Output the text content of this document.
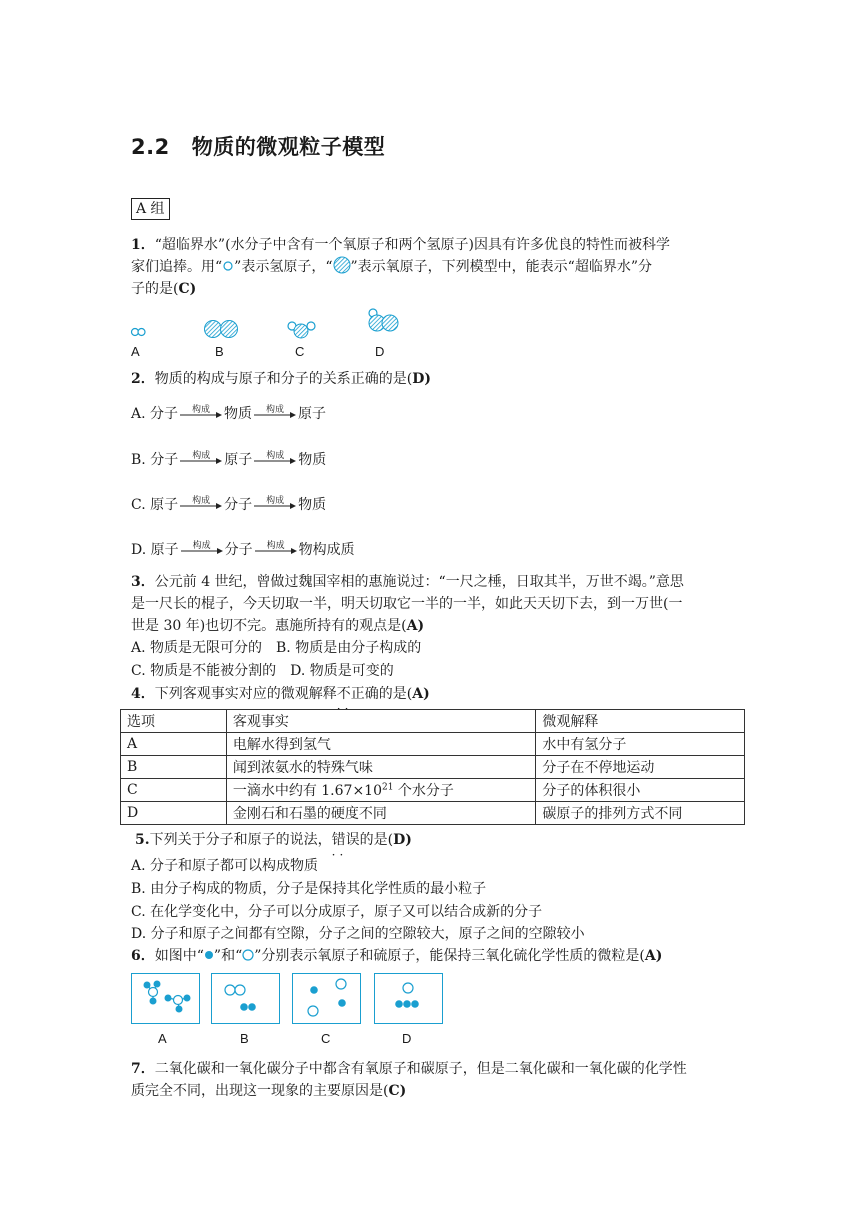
2.2 物质的微观粒子模型
A 组
1．“超临界水”(水分子中含有一个氧原子和两个氢原子)因具有许多优良的特性而被科学
家们追捧。用“ ”表示氢原子，“ ”表示氧原子，下列模型中，能表示“超临界水”分
子的是(C)
A	B	C	D
2．物质的构成与原子和分子的关系正确的是(D)
A. 分子	构成	物质	构成	原子
B. 分子	构成	原子	构成	物质
C. 原子	构成	分子	构成	物质
D. 原子	构成	分子	构成	物构成质
3．公元前 4 世纪，曾做过魏国宰相的惠施说过：“一尺之棰，日取其半，万世不竭。”意思
是一尺长的棍子，今天切取一半，明天切取它一半的一半，如此天天切下去，到一万世(一
世是 30 年)也切不完。惠施所持有的观点是(A)
A. 物质是无限可分的　B. 物质是由分子构成的
C. 物质是不能被分割的　D. 物质是可变的
4．下列客观事实对应的微观解释不正确 ··的是(A)
选项	客观事实	微观解释
A	电解水得到氢气	水中有氢分子
B	闻到浓氨水的特殊气味	分子在不停地运动
C	一滴水中约有 $1.67\times 10^{21}$ 个水分子	分子的体积很小
D	金刚石和石墨的硬度不同	碳原子的排列方式不同
5.下列关于分子和原子的说法，错误 ··的是(D)
A. 分子和原子都可以构成物质
B. 由分子构成的物质，分子是保持其化学性质的最小粒子
C. 在化学变化中，分子可以分成原子，原子又可以结合成新的分子
D. 分子和原子之间都有空隙，分子之间的空隙较大，原子之间的空隙较小
6．如图中“ ”和“ ”分别表示氧原子和硫原子，能保持三氧化硫化学性质的微粒是(A)
A	B	C	D
7．二氧化碳和一氧化碳分子中都含有氧原子和碳原子，但是二氧化碳和一氧化碳的化学性
质完全不同，出现这一现象的主要原因是(C)
